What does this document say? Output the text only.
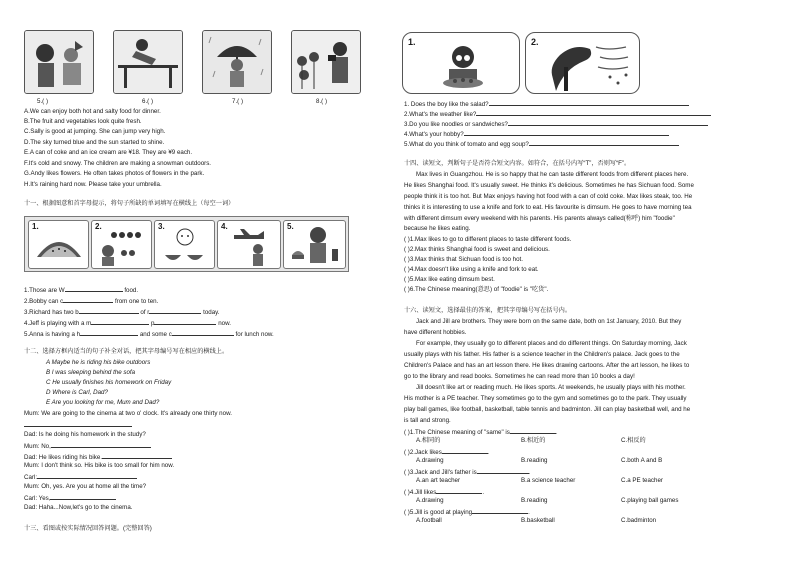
5.( )	6.( )	7.( )	8.( )
A.We can enjoy both hot and salty food for dinner.
B.The fruit and vegetables look quite fresh.
C.Sally is good at jumping. She can jump very high.
D.The sky turned blue and the sun started to shine.
E.A can of coke and an ice cream are ¥18. They are ¥9 each.
F.It's cold and snowy. The children are making a snowman outdoors.
G.Andy likes flowers. He often takes photos of flowers in the park.
H.It's raining hard now. Please take your umbrella.
十一、根据图意和首字母提示，将句子所缺的单词填写在横线上（每空一词）
1.	2.	3.	4.	5.
1.Those are W	food.
2.Bobby can c	from one to ten.
3.Richard has two b	of r	today.
4.Jeff is playing with a m	p	now.
5.Anna is having a h	and some c	for lunch now.
十二、选择方框内适当的句子补全对话，把其字母编号写在相应的横线上。
A Maybe he is riding his bike outdoors
B I was sleeping behind the sofa
C He usually finishes his homework on Friday
D Where is Carl, Dad?
E Are you looking for me, Mum and Dad?
Mum: We are going to the cinema at two o' clock. It's already one thirty now.
Dad: Is he doing his homework in the study?
Mum: No,
Dad: He likes riding his bike.
Mum: I don't think so. His bike is too small for him now.
Carl:
Mum: Oh, yes. Are you at home all the time?
Carl: Yes,
Dad: Haha...Now,let's go to the cinema.
十三、看图或按实际情况回答问题。(完整回答)
1.	2.
1. Does the boy like the salad?
2.What's the weather like?
3.Do you like noodles or sandwiches?
4.What's your hobby?
5.What do you think of tomato and egg soup?
十四、读短文，判断句子是否符合短文内容。如符合，在括号内写“T”，否则写“F”。
Max lives in Guangzhou. He is so happy that he can taste different foods from different places here.
He likes Shanghai food. It's usually sweet. He thinks it's delicious. Sometimes he has Sichuan food. Some
people think it is too hot. But Max enjoys having hot food with a can of cold coke. Max likes steak, too. He
thinks it is interesting to use a knife and fork to eat. His favourite is dimsum. He goes to have morning tea
with different dimsum every weekend with his parents. His parents always called(称呼) him "foodie"
because he likes eating.
( )1.Max likes to go to different places to taste different foods.
( )2.Max thinks Shanghai food is sweet and delicious.
( )3.Max thinks that Sichuan food is too hot.
( )4.Max doesn't like using a knife and fork to eat.
( )5.Max like eating dimsum best.
( )6.The Chinese meaning(意思) of "foodie" is "吃货".
十六、读短文，选择最佳的答案，把其字母编号写在括号内。
Jack and Jill are brothers. They were born on the same date, both on 1st January, 2010. But they
have different hobbies.
For example, they usually go to different places and do different things. On Saturday morning, Jack
usually plays with his father. His father is a science teacher in the Children's palace. Jack goes to the
Children's Palace and has an art lesson there. He likes drawing cartoons. After the art lesson, he likes to
go to the library and read books. Sometimes he can read more than 10 books a day!
Jill doesn't like art or reading much. He likes sports. At weekends, he usually plays with his mother.
His mother is a PE teacher. They sometimes go to the gym and sometimes go to the park. They usually
play ball games, like football, basketball, table tennis and badminton. Jill can play basketball well, and he
is tall and strong.
( )1.The Chinese meaning of "same" is	.
A.相同的	B.相近的	C.相反的
( )2.Jack likes	.
A.drawing	B.reading	C.both A and B
( )3.Jack and Jill's father is	.
A.an art teacher	B.a science teacher	C.a PE teacher
( )4.Jill likes	.
A.drawing	B.reading	C.playing ball games
( )5.Jill is good at playing	.
A.football	B.basketball	C.badminton
